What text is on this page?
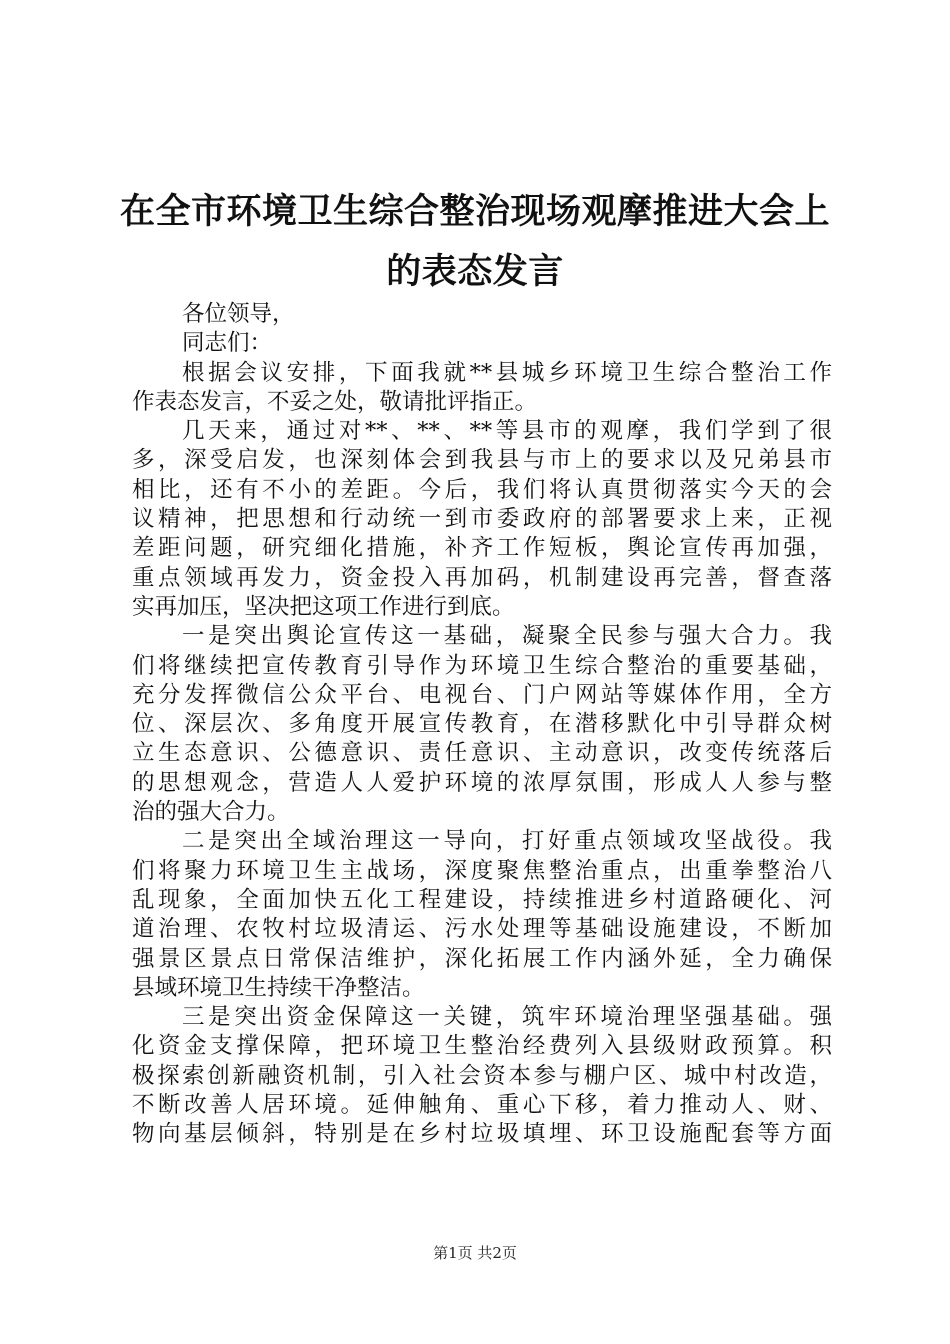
在全市环境卫生综合整治现场观摩推进大会上
的表态发言
各位领导，
同志们：
根据会议安排，下面我就**县城乡环境卫生综合整治工作
作表态发言，不妥之处，敬请批评指正。
几天来，通过对**、**、**等县市的观摩，我们学到了很
多，深受启发，也深刻体会到我县与市上的要求以及兄弟县市
相比，还有不小的差距。今后，我们将认真贯彻落实今天的会
议精神，把思想和行动统一到市委政府的部署要求上来，正视
差距问题，研究细化措施，补齐工作短板，舆论宣传再加强，
重点领域再发力，资金投入再加码，机制建设再完善，督查落
实再加压，坚决把这项工作进行到底。
一是突出舆论宣传这一基础，凝聚全民参与强大合力。我
们将继续把宣传教育引导作为环境卫生综合整治的重要基础，
充分发挥微信公众平台、电视台、门户网站等媒体作用，全方
位、深层次、多角度开展宣传教育，在潜移默化中引导群众树
立生态意识、公德意识、责任意识、主动意识，改变传统落后
的思想观念，营造人人爱护环境的浓厚氛围，形成人人参与整
治的强大合力。
二是突出全域治理这一导向，打好重点领域攻坚战役。我
们将聚力环境卫生主战场，深度聚焦整治重点，出重拳整治八
乱现象，全面加快五化工程建设，持续推进乡村道路硬化、河
道治理、农牧村垃圾清运、污水处理等基础设施建设，不断加
强景区景点日常保洁维护，深化拓展工作内涵外延，全力确保
县域环境卫生持续干净整洁。
三是突出资金保障这一关键，筑牢环境治理坚强基础。强
化资金支撑保障，把环境卫生整治经费列入县级财政预算。积
极探索创新融资机制，引入社会资本参与棚户区、城中村改造，
不断改善人居环境。延伸触角、重心下移，着力推动人、财、
物向基层倾斜，特别是在乡村垃圾填埋、环卫设施配套等方面
第1页 共2页
